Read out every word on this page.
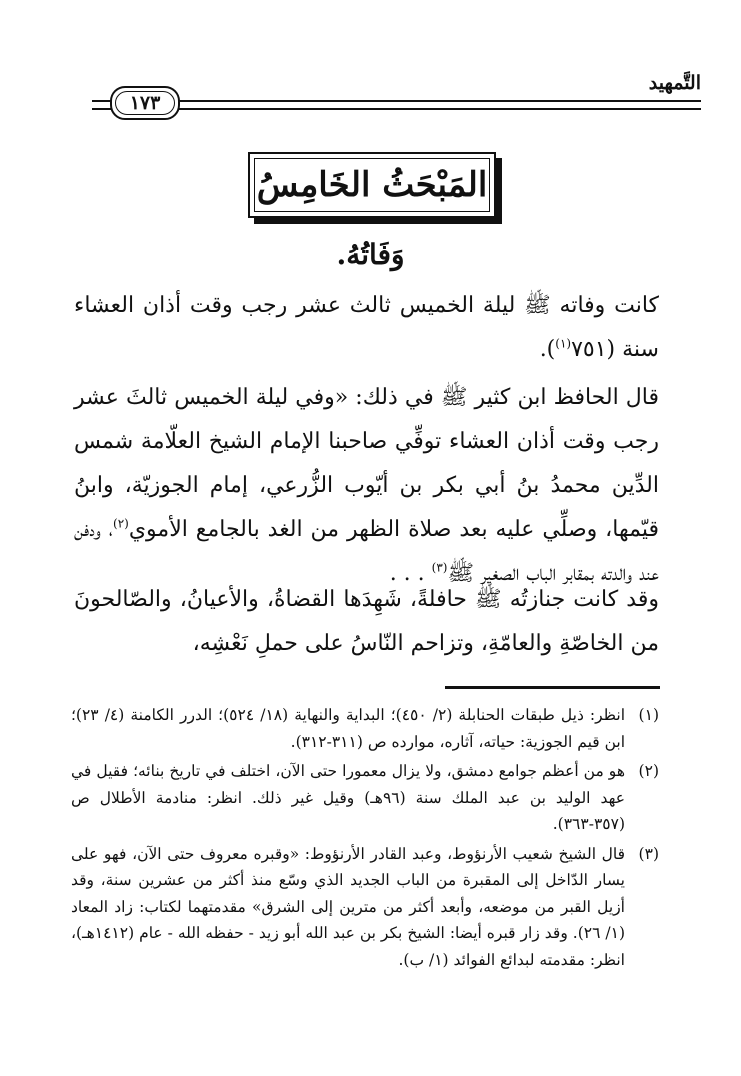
التَّمهيد
١٧٣
المَبْحَثُ الخَامِسُ
وَفَاتُهُ.
كانت وفاته ﷺ ليلة الخميس ثالث عشر رجب وقت أذان العشاء سنة (٧٥١$^{(١)}$).
قال الحافظ ابن كثير ﷺ في ذلك: «وفي ليلة الخميس ثالثَ عشر رجب وقت أذان العشاء توفِّي صاحبنا الإمام الشيخ العلّامة شمس الدِّين محمدُ بنُ أبي بكر بن أيّوب الزُّرعي، إمام الجوزيّة، وابنُ قيّمها، وصلِّي عليه بعد صلاة الظهر من الغد بالجامع الأموي$^{(٢)}$، ودفن عند والدته بمقابر الباب الصغير ﷺ$^{(٣)}$ . . .
وقد كانت جنازتُه ﷺ حافلةً، شَهِدَها القضاةُ، والأعيانُ، والصّالحونَ من الخاصّةِ والعامّةِ، وتزاحم النّاسُ على حملِ نَعْشِه،
(١)
انظر: ذيل طبقات الحنابلة (٢/ ٤٥٠)؛ البداية والنهاية (١٨/ ٥٢٤)؛ الدرر الكامنة (٤/ ٢٣)؛ ابن قيم الجوزية: حياته، آثاره، موارده ص (٣١١-٣١٢).
(٢)
هو من أعظم جوامع دمشق، ولا يزال معمورا حتى الآن، اختلف في تاريخ بنائه؛ فقيل في عهد الوليد بن عبد الملك سنة (٩٦هـ) وقيل غير ذلك. انظر: منادمة الأطلال ص (٣٥٧-٣٦٣).
(٣)
قال الشيخ شعيب الأرنؤوط، وعبد القادر الأرنؤوط: «وقبره معروف حتى الآن، فهو على يسار الدّاخل إلى المقبرة من الباب الجديد الذي وسّع منذ أكثر من عشرين سنة، وقد أزيل القبر من موضعه، وأبعد أكثر من مترين إلى الشرق» مقدمتهما لكتاب: زاد المعاد (١/ ٢٦). وقد زار قبره أيضا: الشيخ بكر بن عبد الله أبو زيد - حفظه الله - عام (١٤١٢هـ)، انظر: مقدمته لبدائع الفوائد (١/ ب).
